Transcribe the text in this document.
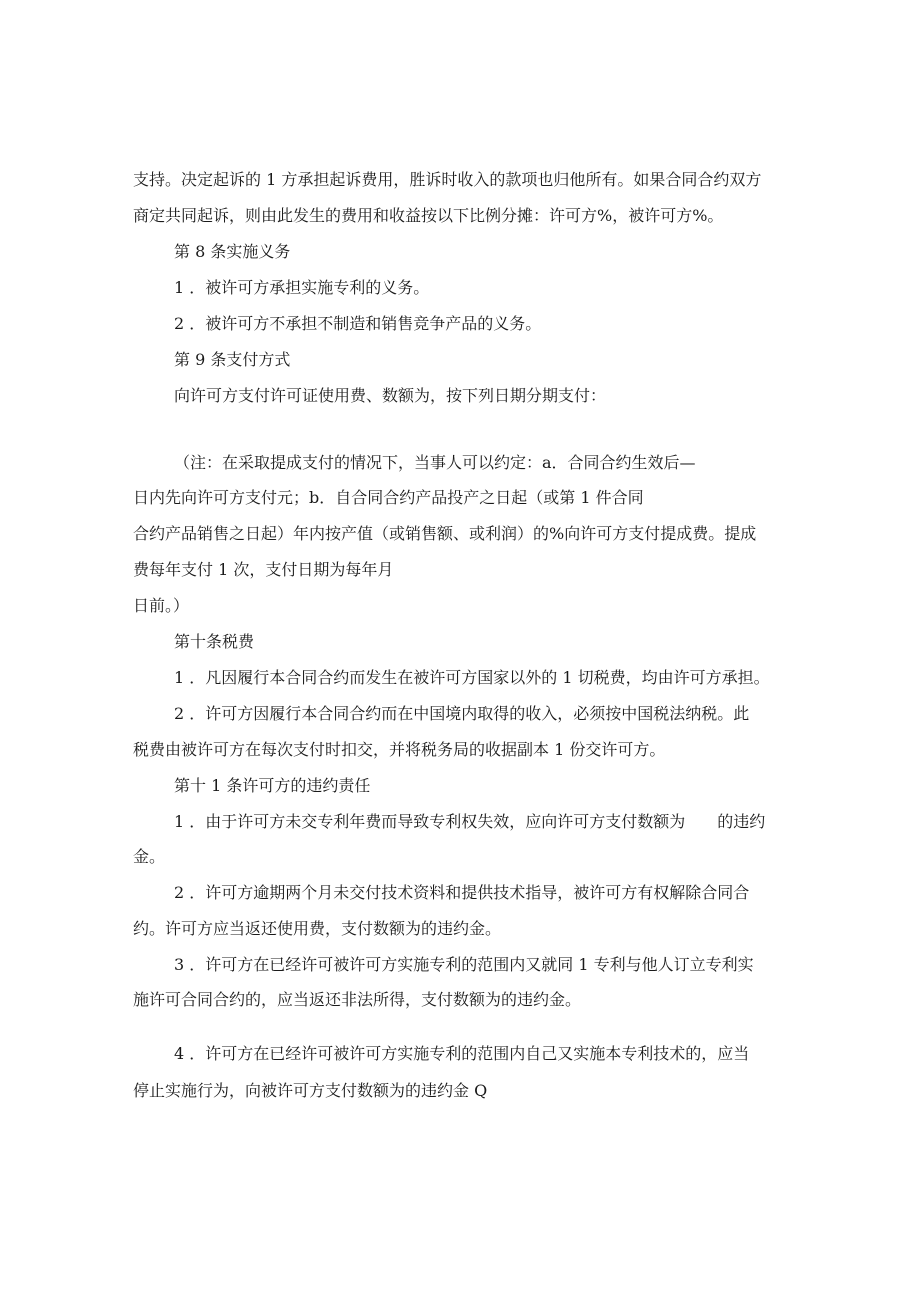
支持。决定起诉的 1 方承担起诉费用，胜诉时收入的款项也归他所有。如果合同合约双方
商定共同起诉，则由此发生的费用和收益按以下比例分摊：许可方%，被许可方%。
第 8 条实施义务
1 ．被许可方承担实施专利的义务。
2 ．被许可方不承担不制造和销售竞争产品的义务。
第 9 条支付方式
向许可方支付许可证使用费、数额为，按下列日期分期支付：
（注：在采取提成支付的情况下，当事人可以约定：a．合同合约生效后—
日内先向许可方支付元；b．自合同合约产品投产之日起（或第 1 件合同
合约产品销售之日起）年内按产值（或销售额、或利润）的%向许可方支付提成费。提成
费每年支付 1 次，支付日期为每年月
日前。）
第十条税费
1 ．凡因履行本合同合约而发生在被许可方国家以外的 1 切税费，均由许可方承担。
2 ．许可方因履行本合同合约而在中国境内取得的收入，必须按中国税法纳税。此
税费由被许可方在每次支付时扣交，并将税务局的收据副本 1 份交许可方。
第十 1 条许可方的违约责任
1 ．由于许可方未交专利年费而导致专利权失效，应向许可方支付数额为　　的违约
金。
2 ．许可方逾期两个月未交付技术资料和提供技术指导，被许可方有权解除合同合
约。许可方应当返还使用费，支付数额为的违约金。
3 ．许可方在已经许可被许可方实施专利的范围内又就同 1 专利与他人订立专利实
施许可合同合约的，应当返还非法所得，支付数额为的违约金。
4 ．许可方在已经许可被许可方实施专利的范围内自己又实施本专利技术的，应当
停止实施行为，向被许可方支付数额为的违约金 Q
